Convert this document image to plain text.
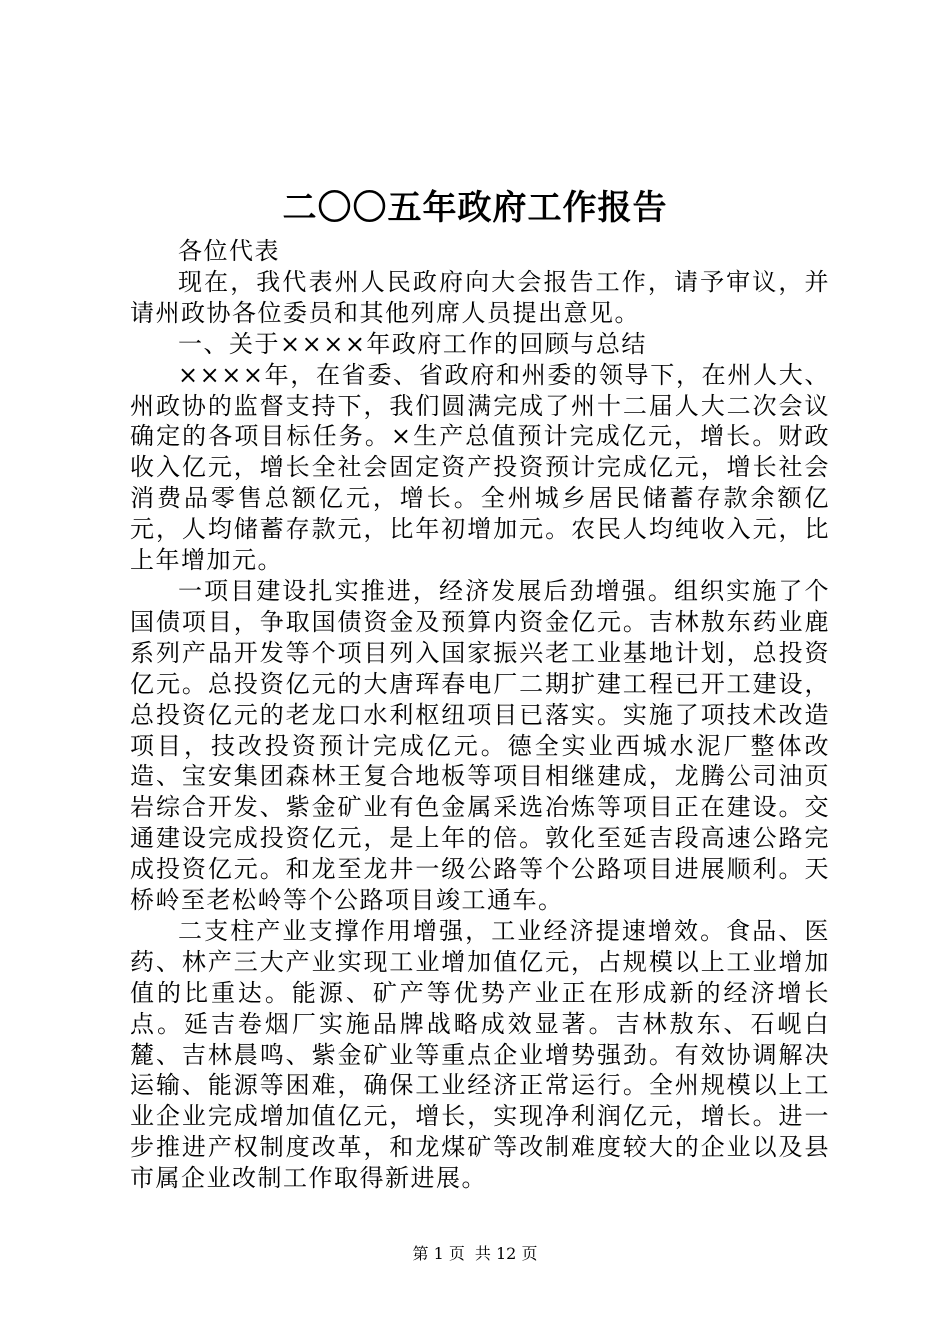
二〇〇五年政府工作报告

各位代表

现在，我代表州人民政府向大会报告工作，请予审议，并请州政协各位委员和其他列席人员提出意见。

一、关于××××年政府工作的回顾与总结

××××年，在省委、省政府和州委的领导下，在州人大、州政协的监督支持下，我们圆满完成了州十二届人大二次会议确定的各项目标任务。×生产总值预计完成亿元，增长。财政收入亿元，增长全社会固定资产投资预计完成亿元，增长社会消费品零售总额亿元，增长。全州城乡居民储蓄存款余额亿元，人均储蓄存款元，比年初增加元。农民人均纯收入元，比上年增加元。

一项目建设扎实推进，经济发展后劲增强。组织实施了个国债项目，争取国债资金及预算内资金亿元。吉林敖东药业鹿系列产品开发等个项目列入国家振兴老工业基地计划，总投资亿元。总投资亿元的大唐珲春电厂二期扩建工程已开工建设，总投资亿元的老龙口水利枢纽项目已落实。实施了项技术改造项目，技改投资预计完成亿元。德全实业西城水泥厂整体改造、宝安集团森林王复合地板等项目相继建成，龙腾公司油页岩综合开发、紫金矿业有色金属采选冶炼等项目正在建设。交通建设完成投资亿元，是上年的倍。敦化至延吉段高速公路完成投资亿元。和龙至龙井一级公路等个公路项目进展顺利。天桥岭至老松岭等个公路项目竣工通车。

二支柱产业支撑作用增强，工业经济提速增效。食品、医药、林产三大产业实现工业增加值亿元，占规模以上工业增加值的比重达。能源、矿产等优势产业正在形成新的经济增长点。延吉卷烟厂实施品牌战略成效显著。吉林敖东、石岘白麓、吉林晨鸣、紫金矿业等重点企业增势强劲。有效协调解决运输、能源等困难，确保工业经济正常运行。全州规模以上工业企业完成增加值亿元，增长，实现净利润亿元，增长。进一步推进产权制度改革，和龙煤矿等改制难度较大的企业以及县市属企业改制工作取得新进展。

第 1 页 共 12 页
